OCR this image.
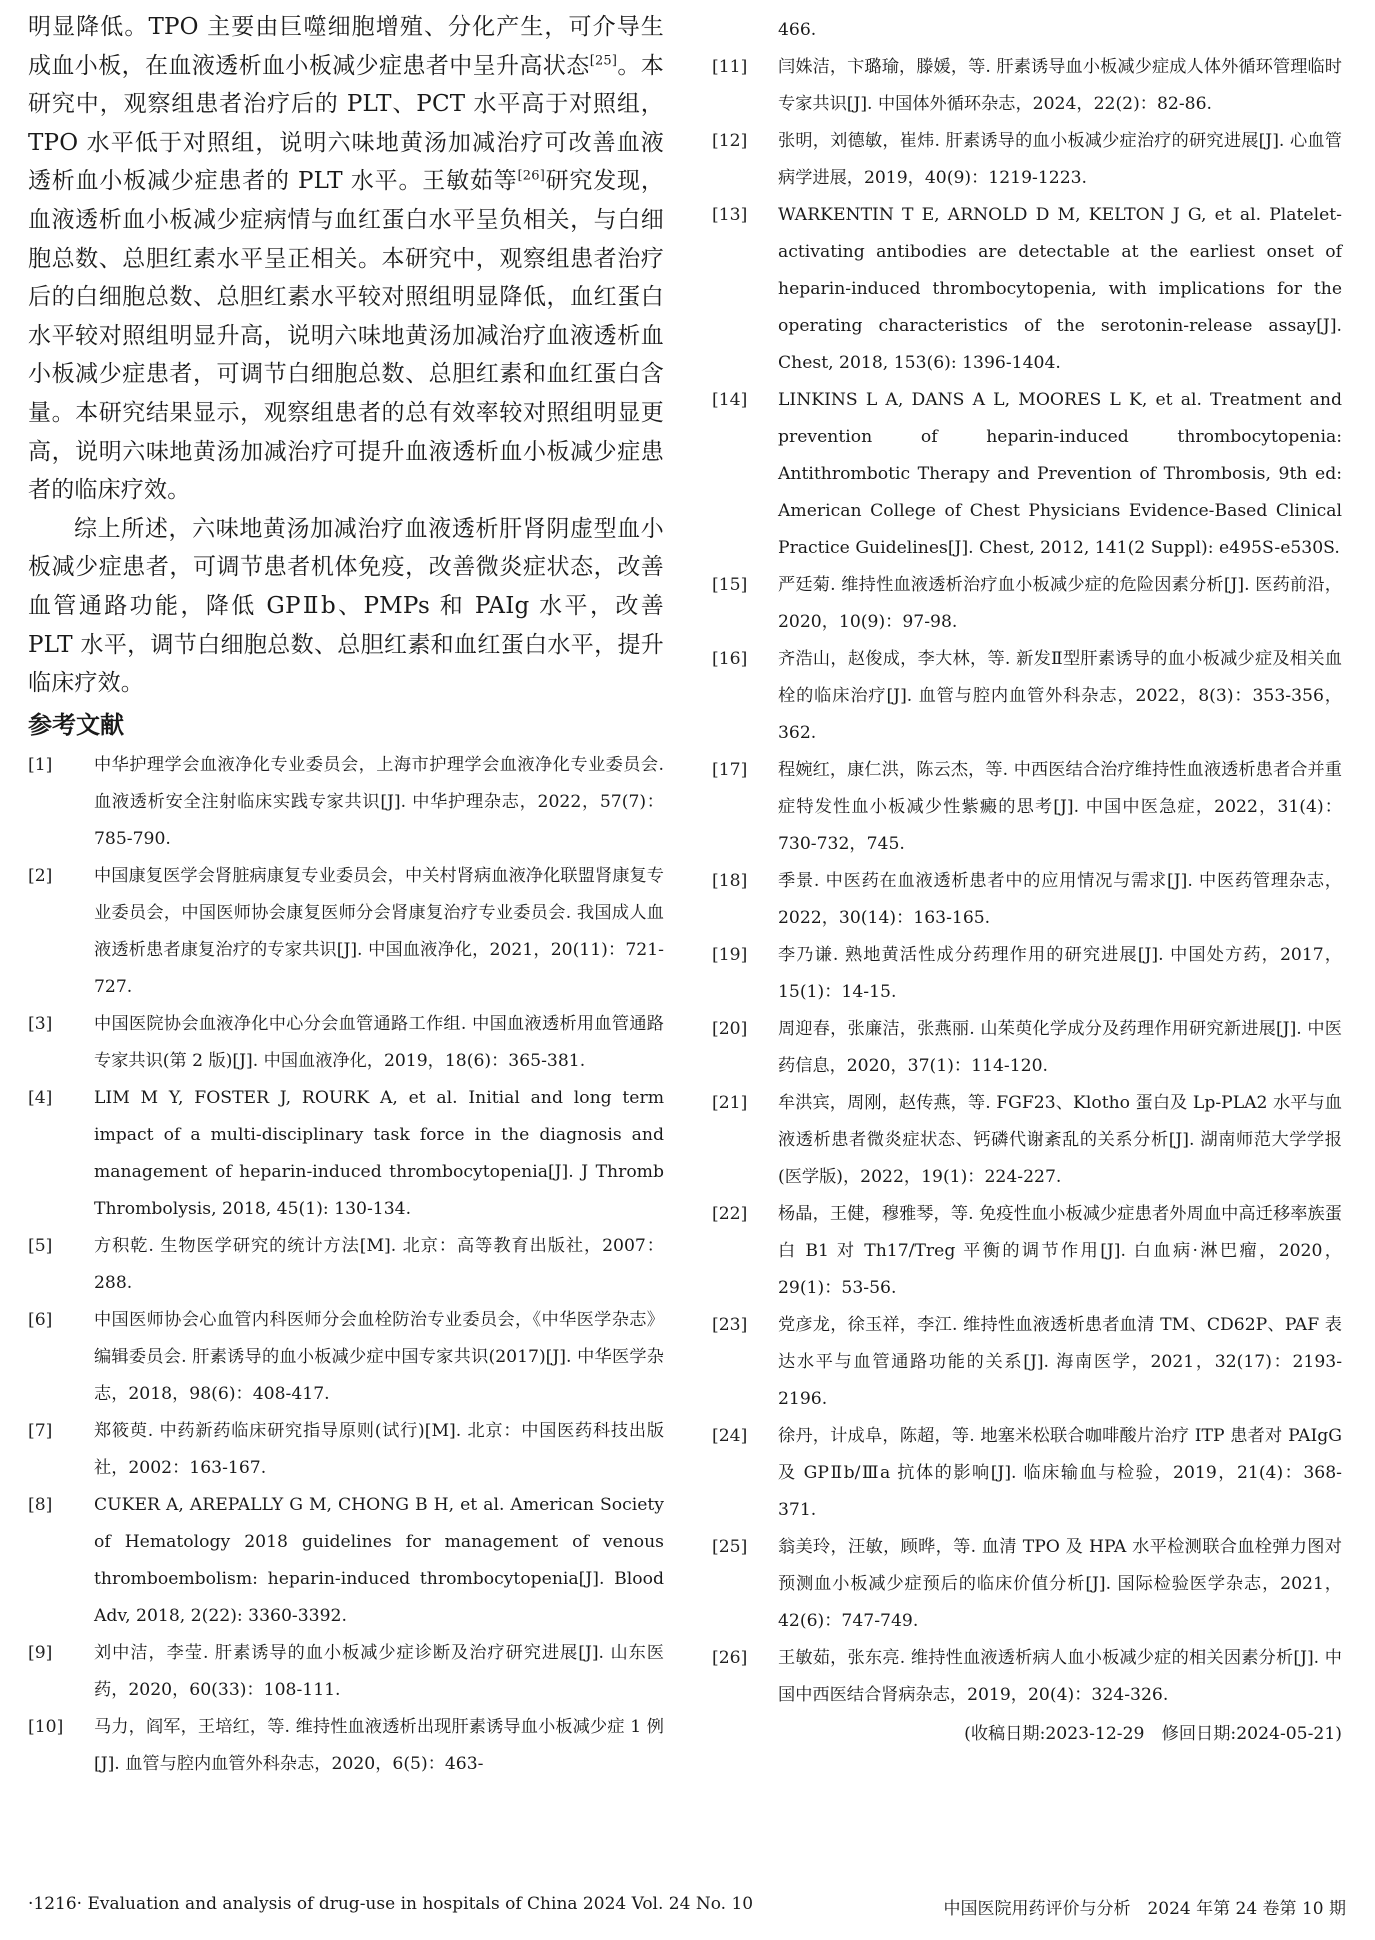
明显降低。TPO 主要由巨噬细胞增殖、分化产生，可介导生成血小板，在血液透析血小板减少症患者中呈升高状态[25]。本研究中，观察组患者治疗后的 PLT、PCT 水平高于对照组，TPO 水平低于对照组，说明六味地黄汤加减治疗可改善血液透析血小板减少症患者的 PLT 水平。王敏茹等[26]研究发现，血液透析血小板减少症病情与血红蛋白水平呈负相关，与白细胞总数、总胆红素水平呈正相关。本研究中，观察组患者治疗后的白细胞总数、总胆红素水平较对照组明显降低，血红蛋白水平较对照组明显升高，说明六味地黄汤加减治疗血液透析血小板减少症患者，可调节白细胞总数、总胆红素和血红蛋白含量。本研究结果显示，观察组患者的总有效率较对照组明显更高，说明六味地黄汤加减治疗可提升血液透析血小板减少症患者的临床疗效。

综上所述，六味地黄汤加减治疗血液透析肝肾阴虚型血小板减少症患者，可调节患者机体免疫，改善微炎症状态，改善血管通路功能，降低 GPⅡb、PMPs 和 PAIg 水平，改善 PLT 水平，调节白细胞总数、总胆红素和血红蛋白水平，提升临床疗效。

参考文献
[1]	中华护理学会血液净化专业委员会，上海市护理学会血液净化专业委员会. 血液透析安全注射临床实践专家共识[J]. 中华护理杂志，2022，57(7)：785-790.
[2]	中国康复医学会肾脏病康复专业委员会，中关村肾病血液净化联盟肾康复专业委员会，中国医师协会康复医师分会肾康复治疗专业委员会. 我国成人血液透析患者康复治疗的专家共识[J]. 中国血液净化，2021，20(11)：721-727.
[3]	中国医院协会血液净化中心分会血管通路工作组. 中国血液透析用血管通路专家共识(第 2 版)[J]. 中国血液净化，2019，18(6)：365-381.
[4]	LIM M Y, FOSTER J, ROURK A, et al. Initial and long term impact of a multi-disciplinary task force in the diagnosis and management of heparin-induced thrombocytopenia[J]. J Thromb Thrombolysis, 2018, 45(1): 130-134.
[5]	方积乾. 生物医学研究的统计方法[M]. 北京：高等教育出版社，2007：288.
[6]	中国医师协会心血管内科医师分会血栓防治专业委员会，《中华医学杂志》编辑委员会. 肝素诱导的血小板减少症中国专家共识(2017)[J]. 中华医学杂志，2018，98(6)：408-417.
[7]	郑筱萸. 中药新药临床研究指导原则(试行)[M]. 北京：中国医药科技出版社，2002：163-167.
[8]	CUKER A, AREPALLY G M, CHONG B H, et al. American Society of Hematology 2018 guidelines for management of venous thromboembolism: heparin-induced thrombocytopenia[J]. Blood Adv, 2018, 2(22): 3360-3392.
[9]	刘中洁，李莹. 肝素诱导的血小板减少症诊断及治疗研究进展[J]. 山东医药，2020，60(33)：108-111.
[10]	马力，阎军，王培红，等. 维持性血液透析出现肝素诱导血小板减少症 1 例[J]. 血管与腔内血管外科杂志，2020，6(5)：463-
466.
[11]	闫姝洁，卞璐瑜，滕媛，等. 肝素诱导血小板减少症成人体外循环管理临时专家共识[J]. 中国体外循环杂志，2024，22(2)：82-86.
[12]	张明，刘德敏，崔炜. 肝素诱导的血小板减少症治疗的研究进展[J]. 心血管病学进展，2019，40(9)：1219-1223.
[13]	WARKENTIN T E, ARNOLD D M, KELTON J G, et al. Platelet-activating antibodies are detectable at the earliest onset of heparin-induced thrombocytopenia, with implications for the operating characteristics of the serotonin-release assay[J]. Chest, 2018, 153(6): 1396-1404.
[14]	LINKINS L A, DANS A L, MOORES L K, et al. Treatment and prevention of heparin-induced thrombocytopenia: Antithrombotic Therapy and Prevention of Thrombosis, 9th ed: American College of Chest Physicians Evidence-Based Clinical Practice Guidelines[J]. Chest, 2012, 141(2 Suppl): e495S-e530S.
[15]	严廷菊. 维持性血液透析治疗血小板减少症的危险因素分析[J]. 医药前沿，2020，10(9)：97-98.
[16]	齐浩山，赵俊成，李大林，等. 新发Ⅱ型肝素诱导的血小板减少症及相关血栓的临床治疗[J]. 血管与腔内血管外科杂志，2022，8(3)：353-356，362.
[17]	程婉红，康仁洪，陈云杰，等. 中西医结合治疗维持性血液透析患者合并重症特发性血小板减少性紫癜的思考[J]. 中国中医急症，2022，31(4)：730-732，745.
[18]	季景. 中医药在血液透析患者中的应用情况与需求[J]. 中医药管理杂志，2022，30(14)：163-165.
[19]	李乃谦. 熟地黄活性成分药理作用的研究进展[J]. 中国处方药，2017，15(1)：14-15.
[20]	周迎春，张廉洁，张燕丽. 山茱萸化学成分及药理作用研究新进展[J]. 中医药信息，2020，37(1)：114-120.
[21]	牟洪宾，周刚，赵传燕，等. FGF23、Klotho 蛋白及 Lp-PLA2 水平与血液透析患者微炎症状态、钙磷代谢紊乱的关系分析[J]. 湖南师范大学学报(医学版)，2022，19(1)：224-227.
[22]	杨晶，王健，穆雅琴，等. 免疫性血小板减少症患者外周血中高迁移率族蛋白 B1 对 Th17/Treg 平衡的调节作用[J]. 白血病·淋巴瘤，2020，29(1)：53-56.
[23]	党彦龙，徐玉祥，李江. 维持性血液透析患者血清 TM、CD62P、PAF 表达水平与血管通路功能的关系[J]. 海南医学，2021，32(17)：2193-2196.
[24]	徐丹，计成阜，陈超，等. 地塞米松联合咖啡酸片治疗 ITP 患者对 PAIgG 及 GPⅡb/Ⅲa 抗体的影响[J]. 临床输血与检验，2019，21(4)：368-371.
[25]	翁美玲，汪敏，顾晔，等. 血清 TPO 及 HPA 水平检测联合血栓弹力图对预测血小板减少症预后的临床价值分析[J]. 国际检验医学杂志，2021，42(6)：747-749.
[26]	王敏茹，张东亮. 维持性血液透析病人血小板减少症的相关因素分析[J]. 中国中西医结合肾病杂志，2019，20(4)：324-326.
(收稿日期:2023-12-29　修回日期:2024-05-21)
·1216· Evaluation and analysis of drug-use in hospitals of China 2024 Vol. 24 No. 10	中国医院用药评价与分析　2024 年第 24 卷第 10 期
